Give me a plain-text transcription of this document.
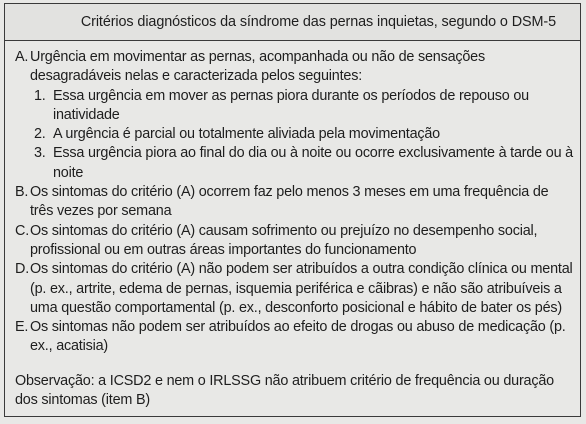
Critérios diagnósticos da síndrome das pernas inquietas, segundo o DSM-5
A. Urgência em movimentar as pernas, acompanhada ou não de sensações desagradáveis nelas e caracterizada pelos seguintes:
1. Essa urgência em mover as pernas piora durante os períodos de repouso ou inatividade
2. A urgência é parcial ou totalmente aliviada pela movimentação
3. Essa urgência piora ao final do dia ou à noite ou ocorre exclusivamente à tarde ou à noite
B. Os sintomas do critério (A) ocorrem faz pelo menos 3 meses em uma frequência de três vezes por semana
C. Os sintomas do critério (A) causam sofrimento ou prejuízo no desempenho social, profissional ou em outras áreas importantes do funcionamento
D. Os sintomas do critério (A) não podem ser atribuídos a outra condição clínica ou mental (p. ex., artrite, edema de pernas, isquemia periférica e cãibras) e não são atribuíveis a uma questão comportamental (p. ex., desconforto posicional e hábito de bater os pés)
E. Os sintomas não podem ser atribuídos ao efeito de drogas ou abuso de medicação (p. ex., acatisia)
Observação: a ICSD2 e nem o IRLSSG não atribuem critério de frequência ou duração dos sintomas (item B)
